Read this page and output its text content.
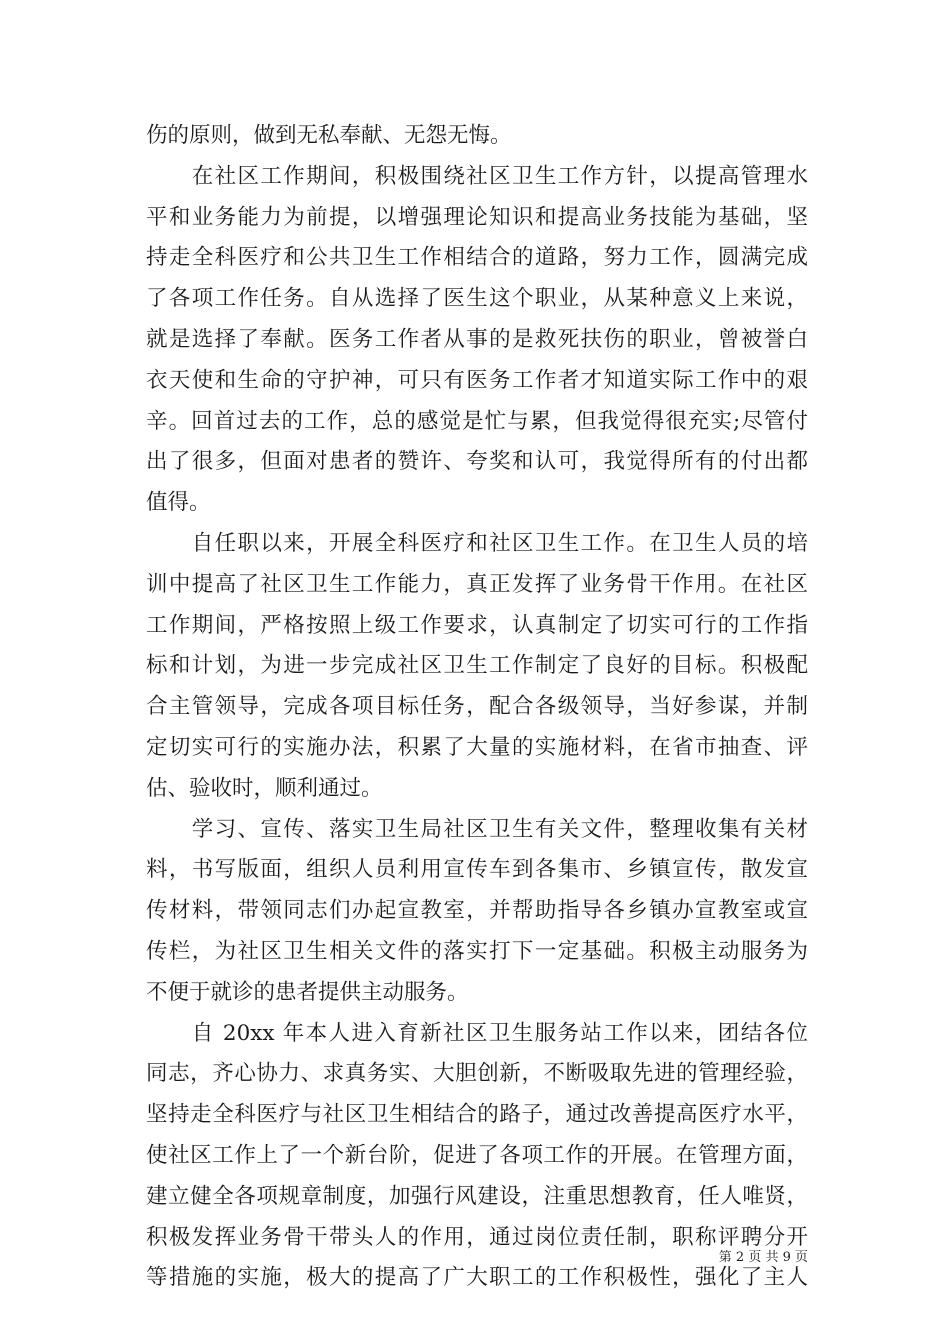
伤的原则，做到无私奉献、无怨无悔。
　　在社区工作期间，积极围绕社区卫生工作方针，以提高管理水
平和业务能力为前提，以增强理论知识和提高业务技能为基础，坚
持走全科医疗和公共卫生工作相结合的道路，努力工作，圆满完成
了各项工作任务。自从选择了医生这个职业，从某种意义上来说，
就是选择了奉献。医务工作者从事的是救死扶伤的职业，曾被誉白
衣天使和生命的守护神，可只有医务工作者才知道实际工作中的艰
辛。回首过去的工作，总的感觉是忙与累，但我觉得很充实;尽管付
出了很多，但面对患者的赞许、夸奖和认可，我觉得所有的付出都
值得。
　　自任职以来，开展全科医疗和社区卫生工作。在卫生人员的培
训中提高了社区卫生工作能力，真正发挥了业务骨干作用。在社区
工作期间，严格按照上级工作要求，认真制定了切实可行的工作指
标和计划，为进一步完成社区卫生工作制定了良好的目标。积极配
合主管领导，完成各项目标任务，配合各级领导，当好参谋，并制
定切实可行的实施办法，积累了大量的实施材料，在省市抽查、评
估、验收时，顺利通过。
　　学习、宣传、落实卫生局社区卫生有关文件，整理收集有关材
料，书写版面，组织人员利用宣传车到各集市、乡镇宣传，散发宣
传材料，带领同志们办起宣教室，并帮助指导各乡镇办宣教室或宣
传栏，为社区卫生相关文件的落实打下一定基础。积极主动服务为
不便于就诊的患者提供主动服务。
　　自 20xx 年本人进入育新社区卫生服务站工作以来，团结各位
同志，齐心协力、求真务实、大胆创新，不断吸取先进的管理经验，
坚持走全科医疗与社区卫生相结合的路子，通过改善提高医疗水平，
使社区工作上了一个新台阶，促进了各项工作的开展。在管理方面，
建立健全各项规章制度，加强行风建设，注重思想教育，任人唯贤，
积极发挥业务骨干带头人的作用，通过岗位责任制，职称评聘分开
等措施的实施，极大的提高了广大职工的工作积极性，强化了主人
第 2 页 共 9 页
